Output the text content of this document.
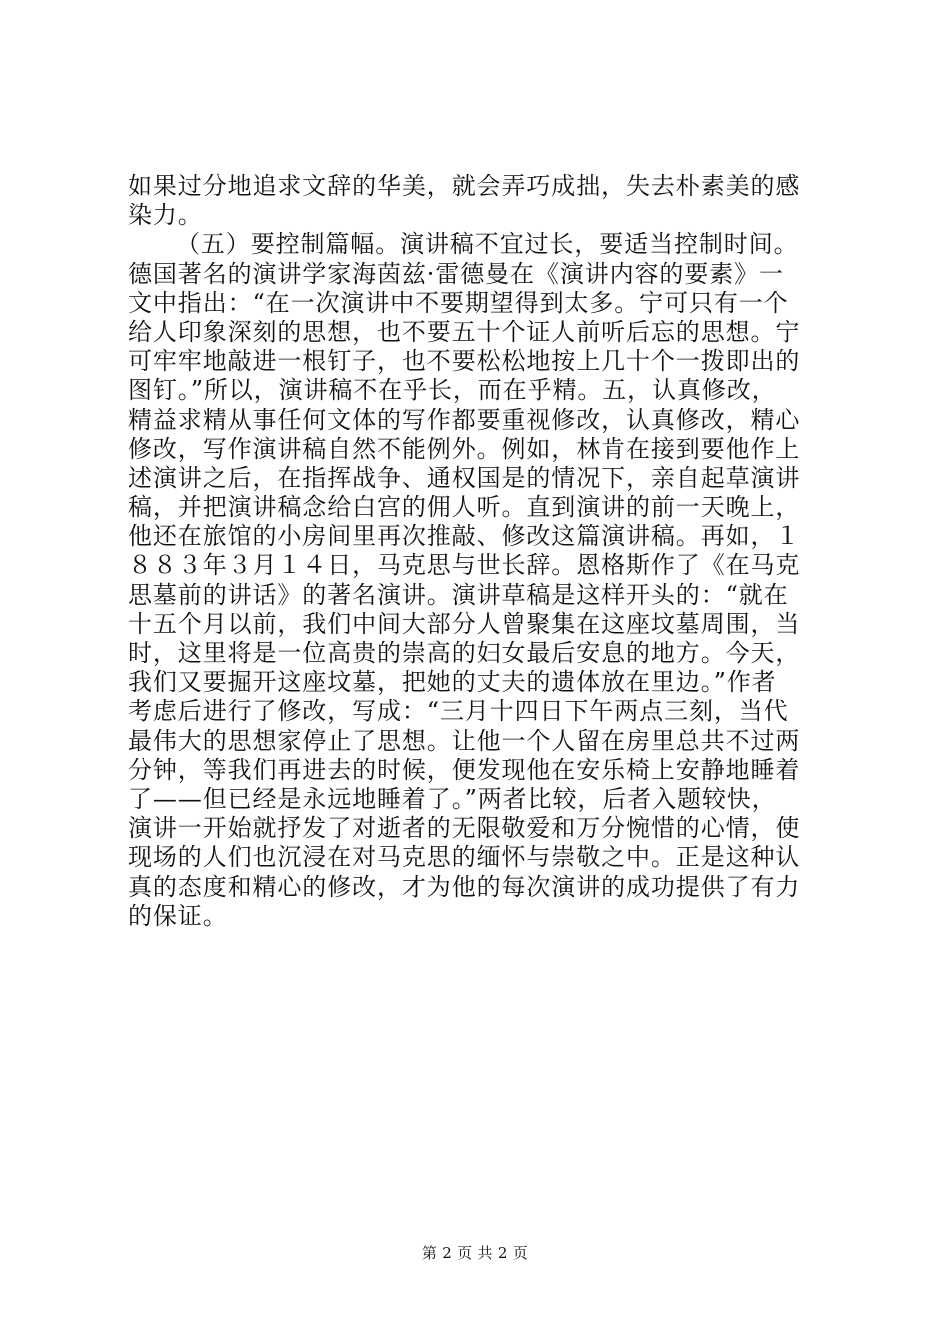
如果过分地追求文辞的华美，就会弄巧成拙，失去朴素美的感
染力。
（五）要控制篇幅。演讲稿不宜过长，要适当控制时间。
德国著名的演讲学家海茵兹·雷德曼在《演讲内容的要素》一
文中指出：“在一次演讲中不要期望得到太多。宁可只有一个
给人印象深刻的思想，也不要五十个证人前听后忘的思想。宁
可牢牢地敲进一根钉子，也不要松松地按上几十个一拨即出的
图钉。”所以，演讲稿不在乎长，而在乎精。五，认真修改，
精益求精从事任何文体的写作都要重视修改，认真修改，精心
修改，写作演讲稿自然不能例外。例如，林肯在接到要他作上
述演讲之后，在指挥战争、通权国是的情况下，亲自起草演讲
稿，并把演讲稿念给白宫的佣人听。直到演讲的前一天晚上，
他还在旅馆的小房间里再次推敲、修改这篇演讲稿。再如，１
８８３年３月１４日，马克思与世长辞。恩格斯作了《在马克
思墓前的讲话》的著名演讲。演讲草稿是这样开头的：“就在
十五个月以前，我们中间大部分人曾聚集在这座坟墓周围，当
时，这里将是一位高贵的崇高的妇女最后安息的地方。今天，
我们又要掘开这座坟墓，把她的丈夫的遗体放在里边。”作者
考虑后进行了修改，写成：“三月十四日下午两点三刻，当代
最伟大的思想家停止了思想。让他一个人留在房里总共不过两
分钟，等我们再进去的时候，便发现他在安乐椅上安静地睡着
了——但已经是永远地睡着了。”两者比较，后者入题较快，
演讲一开始就抒发了对逝者的无限敬爱和万分惋惜的心情，使
现场的人们也沉浸在对马克思的缅怀与崇敬之中。正是这种认
真的态度和精心的修改，才为他的每次演讲的成功提供了有力
的保证。
第 2 页 共 2 页
